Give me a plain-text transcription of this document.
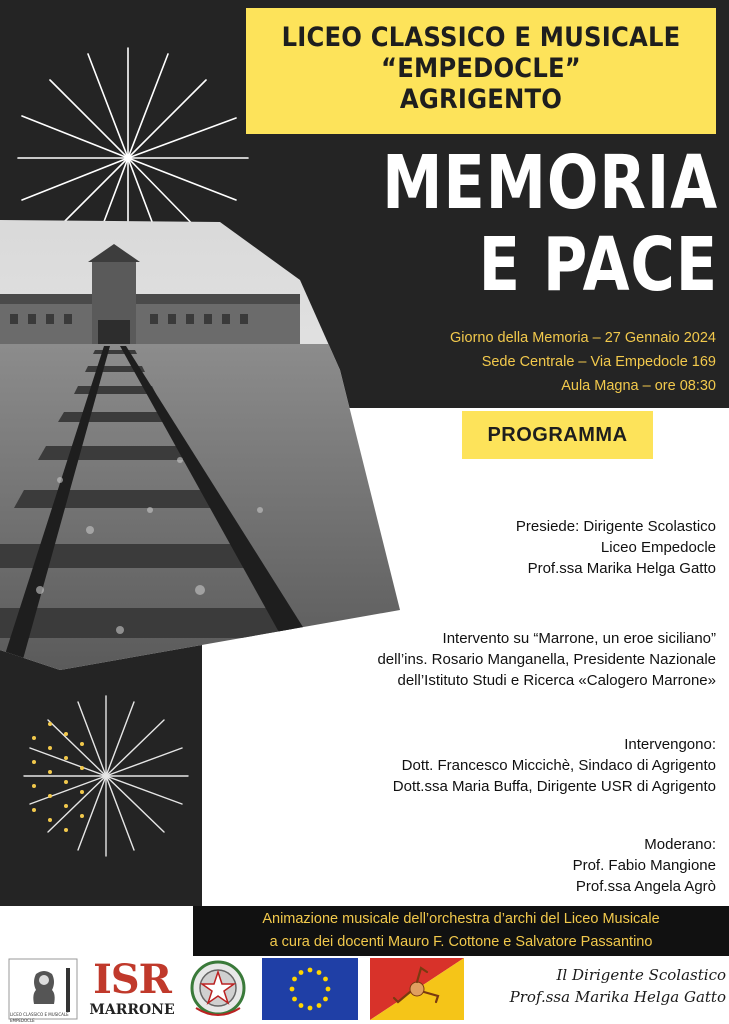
LICEO CLASSICO E MUSICALE
“EMPEDOCLE”
AGRIGENTO
MEMORIA
E PACE
Giorno della Memoria – 27 Gennaio 2024
Sede Centrale – Via Empedocle 169
Aula Magna – ore 08:30
PROGRAMMA
Presiede: Dirigente Scolastico
Liceo Empedocle
Prof.ssa Marika Helga Gatto
Intervento su “Marrone, un eroe siciliano”
dell’ins. Rosario Manganella, Presidente Nazionale
dell’Istituto Studi e Ricerca «Calogero Marrone»
Intervengono:
Dott. Francesco Miccichè, Sindaco di Agrigento
Dott.ssa Maria Buffa, Dirigente USR di Agrigento
Moderano:
Prof. Fabio Mangione
Prof.ssa Angela Agrò
Animazione musicale dell’orchestra d’archi del Liceo Musicale
a cura dei docenti Mauro F. Cottone e Salvatore Passantino
LICEO CLASSICO E MUSICALE EMPEDOCLE
ISR
MARRONE
Il Dirigente Scolastico
Prof.ssa Marika Helga Gatto
